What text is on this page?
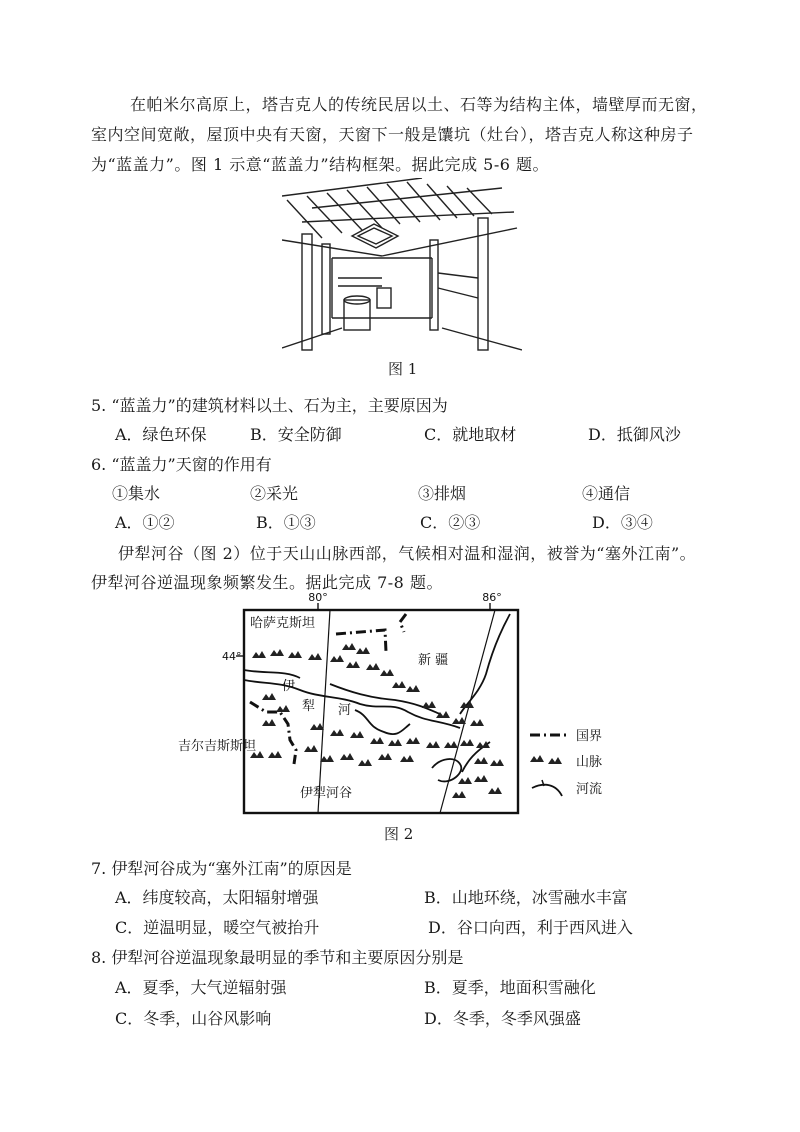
在帕米尔高原上，塔吉克人的传统民居以土、石等为结构主体，墙壁厚而无窗，
室内空间宽敞，屋顶中央有天窗，天窗下一般是馕坑（灶台），塔吉克人称这种房子
为“蓝盖力”。图 1 示意“蓝盖力”结构框架。据此完成 5-6 题。
图 1
5. “蓝盖力”的建筑材料以土、石为主，主要原因为
A．绿色环保	B．安全防御	C．就地取材	D．抵御风沙
6. “蓝盖力”天窗的作用有
①集水	②采光	③排烟	④通信
A．①②	B．①③	C．②③	D．③④
伊犁河谷（图 2）位于天山山脉西部，气候相对温和湿润，被誉为“塞外江南”。
伊犁河谷逆温现象频繁发生。据此完成 7-8 题。
80°	86°
44°
哈萨克斯坦
新 疆
伊
犁 河
吉尔吉斯斯坦
伊犁河谷
国界
山脉
河流
图 2
7. 伊犁河谷成为“塞外江南”的原因是
A．纬度较高，太阳辐射增强	B．山地环绕，冰雪融水丰富
C．逆温明显，暖空气被抬升	D．谷口向西，利于西风进入
8. 伊犁河谷逆温现象最明显的季节和主要原因分别是
A．夏季，大气逆辐射强	B．夏季，地面积雪融化
C．冬季，山谷风影响	D．冬季，冬季风强盛
